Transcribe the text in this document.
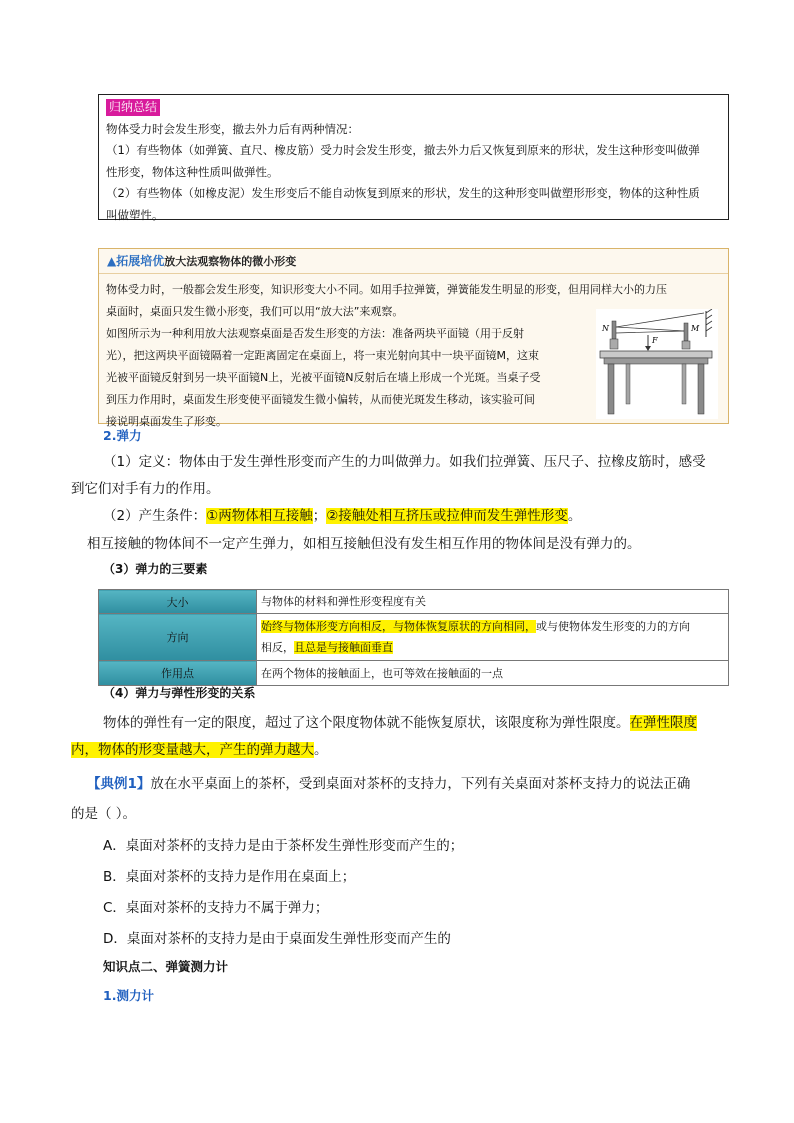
归纳总结
物体受力时会发生形变，撤去外力后有两种情况：
（1）有些物体（如弹簧、直尺、橡皮筋）受力时会发生形变，撤去外力后又恢复到原来的形状，发生这种形变叫做弹
性形变，物体这种性质叫做弹性。
（2）有些物体（如橡皮泥）发生形变后不能自动恢复到原来的形状，发生的这种形变叫做塑形形变，物体的这种性质
叫做塑性。
▲拓展培优放大法观察物体的微小形变
物体受力时，一般都会发生形变，知识形变大小不同。如用手拉弹簧，弹簧能发生明显的形变，但用同样大小的力压
桌面时，桌面只发生微小形变，我们可以用“放大法”来观察。
如图所示为一种利用放大法观察桌面是否发生形变的方法：准备两块平面镜（用于反射
光），把这两块平面镜隔着一定距离固定在桌面上，将一束光射向其中一块平面镜M，这束
光被平面镜反射到另一块平面镜N上，光被平面镜N反射后在墙上形成一个光斑。当桌子受
到压力作用时，桌面发生形变使平面镜发生微小偏转，从而使光斑发生移动，该实验可间
接说明桌面发生了形变。
N	M
F
2.弹力
（1）定义：物体由于发生弹性形变而产生的力叫做弹力。如我们拉弹簧、压尺子、拉橡皮筋时，感受
到它们对手有力的作用。
（2）产生条件：①两物体相互接触；②接触处相互挤压或拉伸而发生弹性形变。
相互接触的物体间不一定产生弹力，如相互接触但没有发生相互作用的物体间是没有弹力的。
（3）弹力的三要素
大小	与物体的材料和弹性形变程度有关
方向	始终与物体形变方向相反，与物体恢复原状的方向相同，或与使物体发生形变的力的方向
相反，且总是与接触面垂直

作用点	在两个物体的接触面上，也可等效在接触面的一点
（4）弹力与弹性形变的关系
物体的弹性有一定的限度，超过了这个限度物体就不能恢复原状，该限度称为弹性限度。在弹性限度
内，物体的形变量越大，产生的弹力越大。
【典例1】放在水平桌面上的茶杯，受到桌面对茶杯的支持力，下列有关桌面对茶杯支持力的说法正确
的是（ ）。
A．桌面对茶杯的支持力是由于茶杯发生弹性形变而产生的；
B．桌面对茶杯的支持力是作用在桌面上；
C．桌面对茶杯的支持力不属于弹力；
D．桌面对茶杯的支持力是由于桌面发生弹性形变而产生的
知识点二、弹簧测力计
1.测力计
